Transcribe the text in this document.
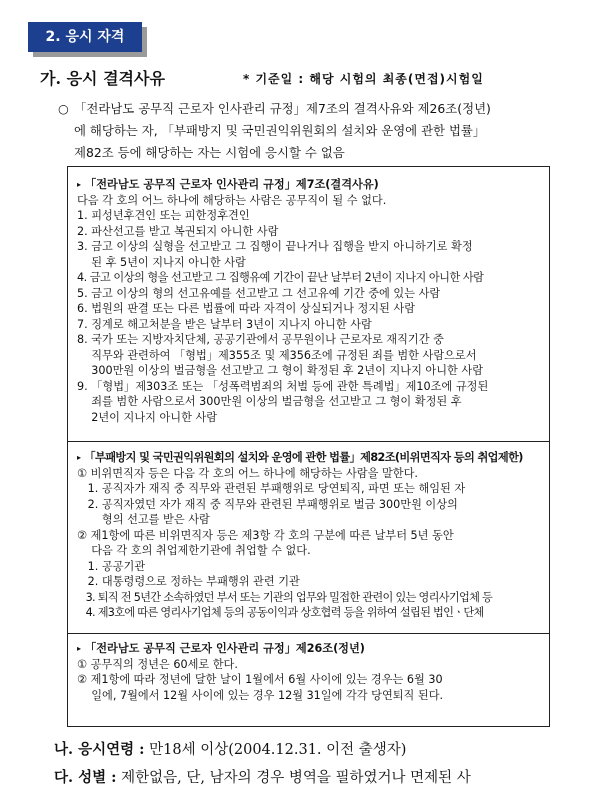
2. 응시 자격
가. 응시 결격사유	* 기준일 : 해당 시험의 최종(면접)시험일
○ 「전라남도 공무직 근로자 인사관리 규정」제7조의 결격사유와 제26조(정년)
에 해당하는 자, 「부패방지 및 국민권익위원회의 설치와 운영에 관한 법률」
제82조 등에 해당하는 자는 시험에 응시할 수 없음
▸ 「전라남도 공무직 근로자 인사관리 규정」제7조(결격사유)
다음 각 호의 어느 하나에 해당하는 사람은 공무직이 될 수 없다.
1. 피성년후견인 또는 피한정후견인
2. 파산선고를 받고 복권되지 아니한 사람
3. 금고 이상의 실형을 선고받고 그 집행이 끝나거나 집행을 받지 아니하기로 확정
된 후 5년이 지나지 아니한 사람
4. 금고 이상의 형을 선고받고 그 집행유예 기간이 끝난 날부터 2년이 지나지 아니한 사람
5. 금고 이상의 형의 선고유예를 선고받고 그 선고유예 기간 중에 있는 사람
6. 법원의 판결 또는 다른 법률에 따라 자격이 상실되거나 정지된 사람
7. 징계로 해고처분을 받은 날부터 3년이 지나지 아니한 사람
8. 국가 또는 지방자치단체, 공공기관에서 공무원이나 근로자로 재직기간 중
직무와 관련하여 「형법」제355조 및 제356조에 규정된 죄를 범한 사람으로서
300만원 이상의 벌금형을 선고받고 그 형이 확정된 후 2년이 지나지 아니한 사람
9. 「형법」제303조 또는 「성폭력범죄의 처벌 등에 관한 특례법」제10조에 규정된
죄를 범한 사람으로서 300만원 이상의 벌금형을 선고받고 그 형이 확정된 후
2년이 지나지 아니한 사람
▸ 「부패방지 및 국민권익위원회의 설치와 운영에 관한 법률」제82조(비위면직자 등의 취업제한)
① 비위면직자 등은 다음 각 호의 어느 하나에 해당하는 사람을 말한다.
1. 공직자가 재직 중 직무와 관련된 부패행위로 당연퇴직, 파면 또는 해임된 자
2. 공직자였던 자가 재직 중 직무와 관련된 부패행위로 벌금 300만원 이상의
형의 선고를 받은 사람
② 제1항에 따른 비위면직자 등은 제3항 각 호의 구분에 따른 날부터 5년 동안
다음 각 호의 취업제한기관에 취업할 수 없다.
1. 공공기관
2. 대통령령으로 정하는 부패행위 관련 기관
3. 퇴직 전 5년간 소속하였던 부서 또는 기관의 업무와 밀접한 관련이 있는 영리사기업체 등
4. 제3호에 따른 영리사기업체 등의 공동이익과 상호협력 등을 위하여 설립된 법인ㆍ단체
▸ 「전라남도 공무직 근로자 인사관리 규정」제26조(정년)
① 공무직의 정년은 60세로 한다.
② 제1항에 따라 정년에 달한 날이 1월에서 6월 사이에 있는 경우는 6월 30
일에, 7월에서 12월 사이에 있는 경우 12월 31일에 각각 당연퇴직 된다.
나. 응시연령 : 만18세 이상(2004.12.31. 이전 출생자)
다. 성별 : 제한없음, 단, 남자의 경우 병역을 필하였거나 면제된 사
